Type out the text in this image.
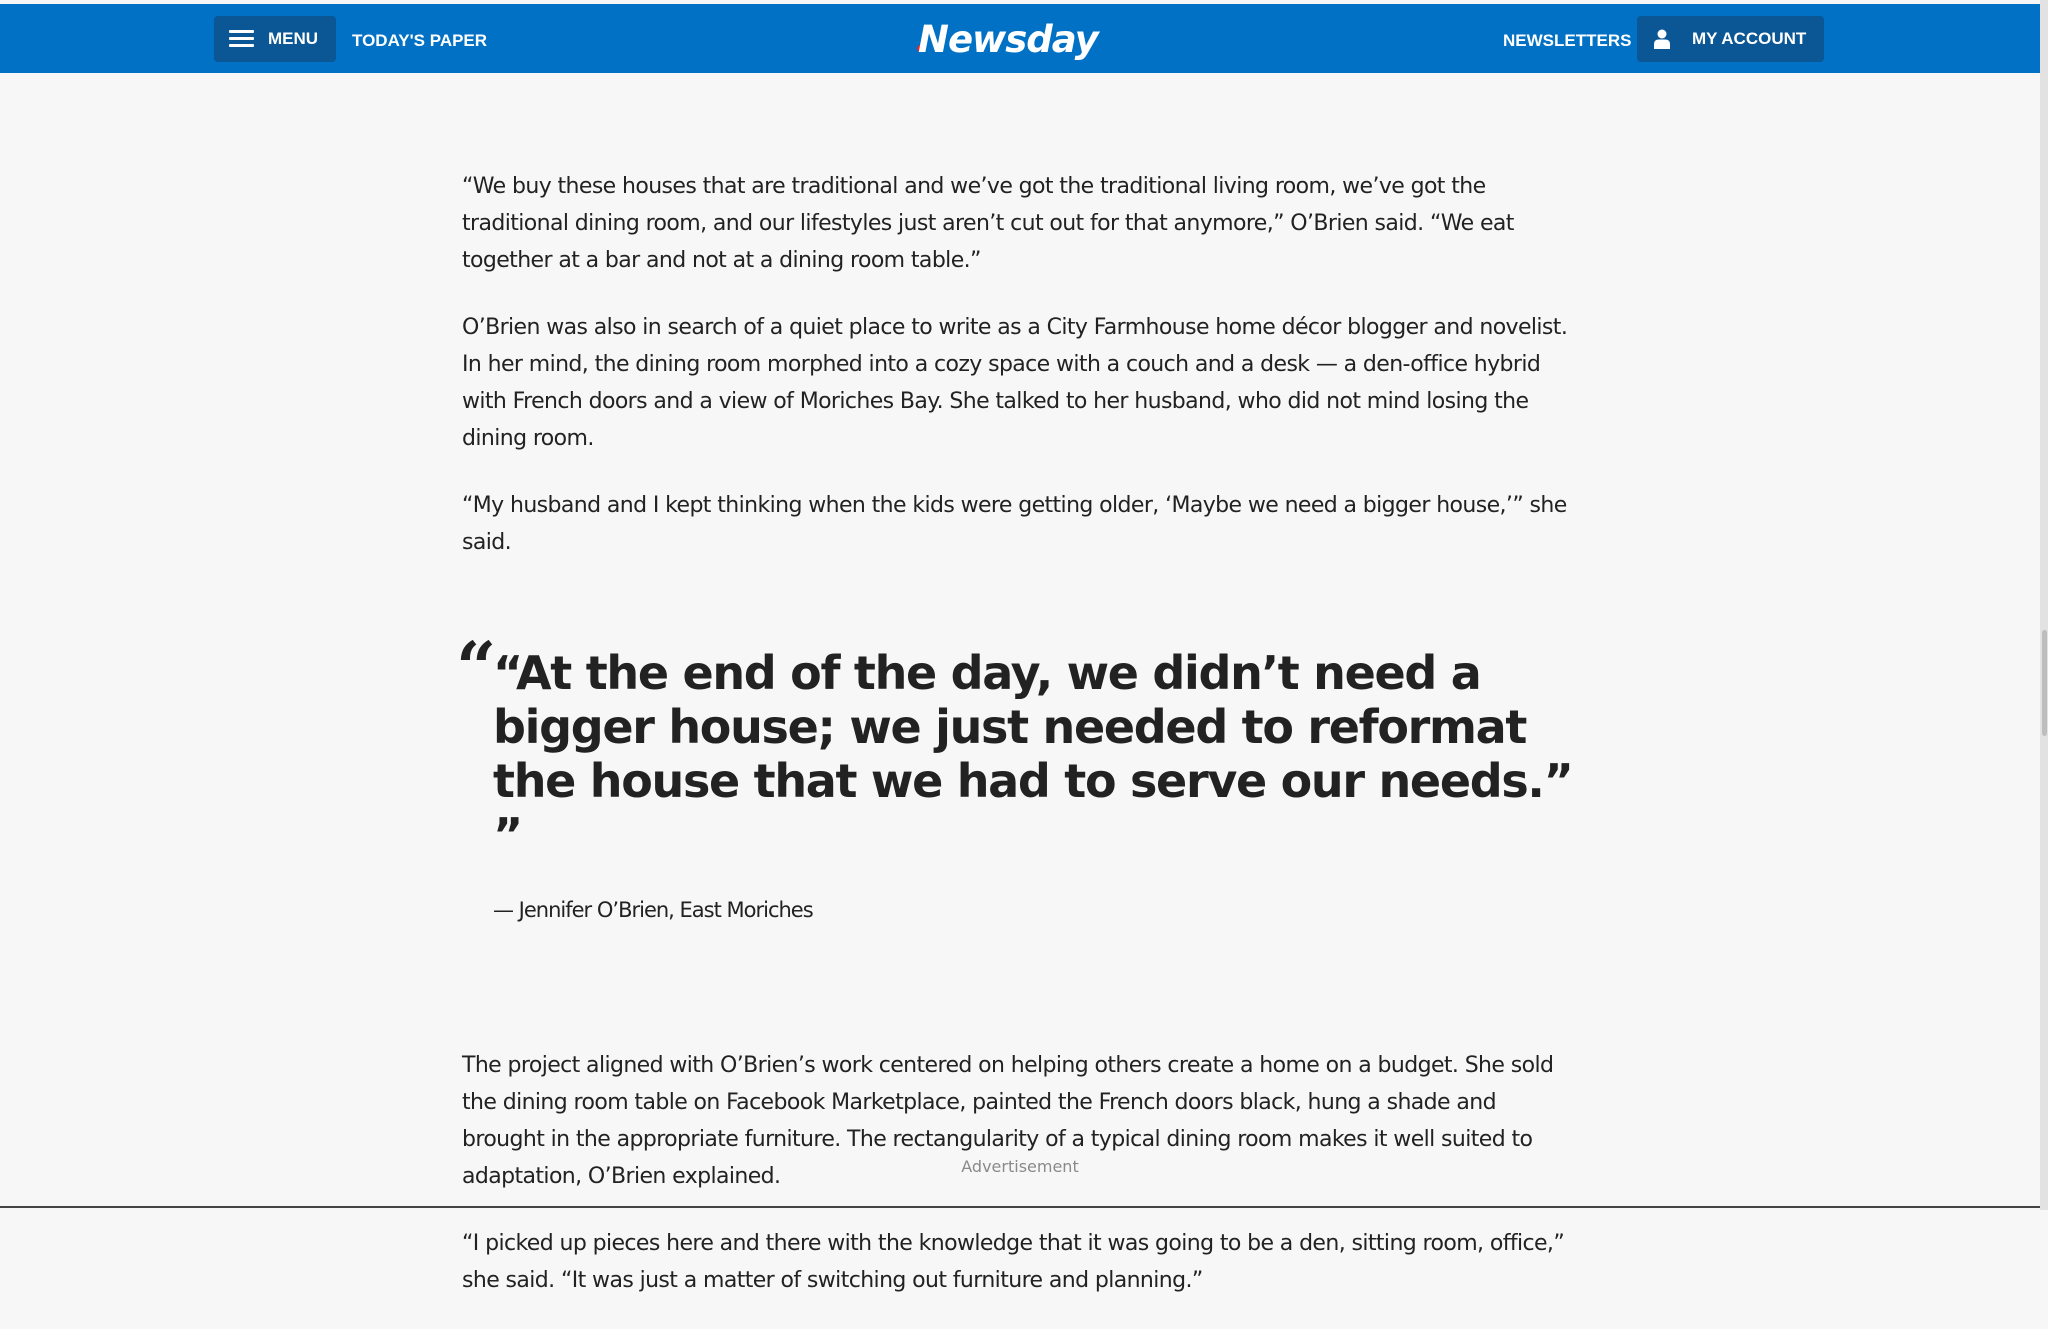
MENU TODAY'S PAPER	Newsday	NEWSLETTERS	MY ACCOUNT

“We buy these houses that are traditional and we’ve got the traditional living room, we’ve got the traditional dining room, and our lifestyles just aren’t cut out for that anymore,” O’Brien said. “We eat together at a bar and not at a dining room table.”

O’Brien was also in search of a quiet place to write as a City Farmhouse home décor blogger and novelist. In her mind, the dining room morphed into a cozy space with a couch and a desk — a den-office hybrid with French doors and a view of Moriches Bay. She talked to her husband, who did not mind losing the dining room.

“My husband and I kept thinking when the kids were getting older, ‘Maybe we need a bigger house,’” she said.

“
“At the end of the day, we didn’t need a bigger house; we just needed to reformat the house that we had to serve our needs.” ”
— Jennifer O’Brien, East Moriches

The project aligned with O’Brien’s work centered on helping others create a home on a budget. She sold the dining room table on Facebook Marketplace, painted the French doors black, hung a shade and brought in the appropriate furniture. The rectangularity of a typical dining room makes it well suited to adaptation, O’Brien explained.

“I picked up pieces here and there with the knowledge that it was going to be a den, sitting room, office,” she said. “It was just a matter of switching out furniture and planning.”

Advertisement
